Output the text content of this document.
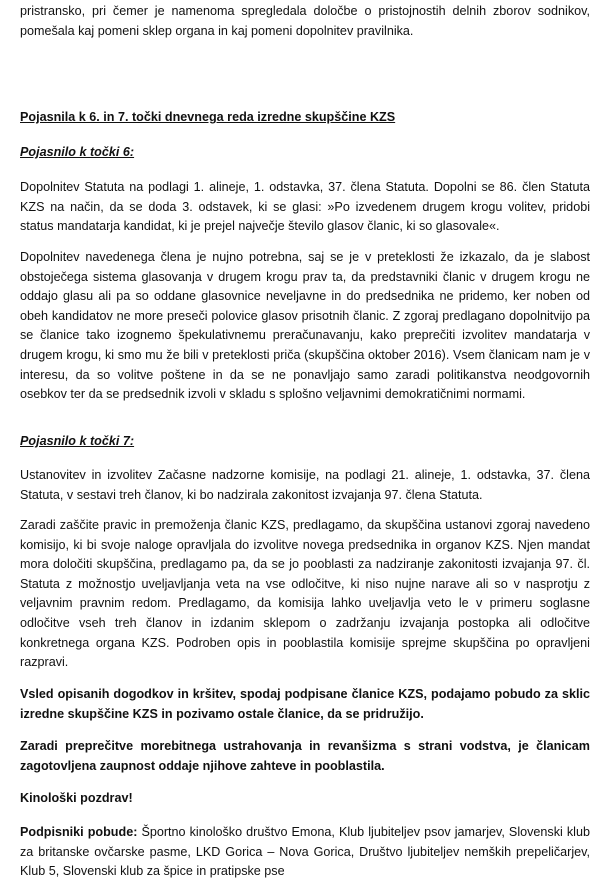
pristransko, pri čemer je namenoma spregledala določbe o pristojnostih delnih zborov sodnikov, pomešala kaj pomeni sklep organa in kaj pomeni dopolnitev pravilnika.

Pojasnila k 6. in 7. točki dnevnega reda izredne skupščine KZS

Pojasnilo k točki 6:

Dopolnitev Statuta na podlagi 1. alineje, 1. odstavka, 37. člena Statuta. Dopolni se 86. člen Statuta KZS na način, da se doda 3. odstavek, ki se glasi: »Po izvedenem drugem krogu volitev, pridobi status mandatarja kandidat, ki je prejel največje število glasov članic, ki so glasovale«.

Dopolnitev navedenega člena je nujno potrebna, saj se je v preteklosti že izkazalo, da je slabost obstoječega sistema glasovanja v drugem krogu prav ta, da predstavniki članic v drugem krogu ne oddajo glasu ali pa so oddane glasovnice neveljavne in do predsednika ne pridemo, ker noben od obeh kandidatov ne more preseči polovice glasov prisotnih članic. Z zgoraj predlagano dopolnitvijo pa se članice tako izognemo špekulativnemu preračunavanju, kako preprečiti izvolitev mandatarja v drugem krogu, ki smo mu že bili v preteklosti priča (skupščina oktober 2016). Vsem članicam nam je v interesu, da so volitve poštene in da se ne ponavljajo samo zaradi politikanstva neodgovornih osebkov ter da se predsednik izvoli v skladu s splošno veljavnimi demokratičnimi normami.

Pojasnilo k točki 7:

Ustanovitev in izvolitev Začasne nadzorne komisije, na podlagi 21. alineje, 1. odstavka, 37. člena Statuta, v sestavi treh članov, ki bo nadzirala zakonitost izvajanja 97. člena Statuta.

Zaradi zaščite pravic in premoženja članic KZS, predlagamo, da skupščina ustanovi zgoraj navedeno komisijo, ki bi svoje naloge opravljala do izvolitve novega predsednika in organov KZS. Njen mandat mora določiti skupščina, predlagamo pa, da se jo pooblasti za nadziranje zakonitosti izvajanja 97. čl. Statuta z možnostjo uveljavljanja veta na vse odločitve, ki niso nujne narave ali so v nasprotju z veljavnim pravnim redom. Predlagamo, da komisija lahko uveljavlja veto le v primeru soglasne odločitve vseh treh članov in izdanim sklepom o zadržanju izvajanja postopka ali odločitve konkretnega organa KZS. Podroben opis in pooblastila komisije sprejme skupščina po opravljeni razpravi.

Vsled opisanih dogodkov in kršitev, spodaj podpisane članice KZS, podajamo pobudo za sklic izredne skupščine KZS in pozivamo ostale članice, da se pridružijo.

Zaradi preprečitve morebitnega ustrahovanja in revanšizma s strani vodstva, je članicam zagotovljena zaupnost oddaje njihove zahteve in pooblastila.

Kinološki pozdrav!

Podpisniki pobude: Športno kinološko društvo Emona, Klub ljubiteljev psov jamarjev, Slovenski klub za britanske ovčarske pasme, LKD Gorica – Nova Gorica, Društvo ljubiteljev nemških prepeličarjev, Klub 5, Slovenski klub za špice in pratipske pse
